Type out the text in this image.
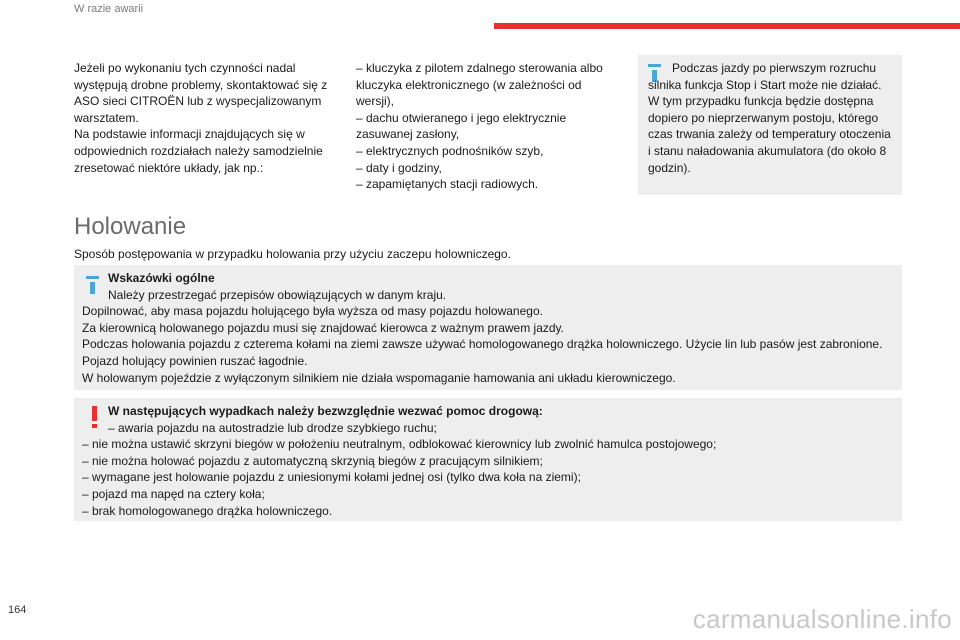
W razie awarii

Jeżeli po wykonaniu tych czynności nadal występują drobne problemy, skontaktować się z ASO sieci CITROËN lub z wyspecjalizowanym warsztatem.

Na podstawie informacji znajdujących się w odpowiednich rozdziałach należy samodzielnie zresetować niektóre układy, jak np.:

– kluczyka z pilotem zdalnego sterowania albo kluczyka elektronicznego (w zależności od wersji),

– dachu otwieranego i jego elektrycznie zasuwanej zasłony,

– elektrycznych podnośników szyb,

– daty i godziny,

– zapamiętanych stacji radiowych.

Podczas jazdy po pierwszym rozruchu silnika funkcja Stop i Start może nie działać.

W tym przypadku funkcja będzie dostępna dopiero po nieprzerwanym postoju, którego czas trwania zależy od temperatury otoczenia i stanu naładowania akumulatora (do około 8 godzin).

Holowanie
Sposób postępowania w przypadku holowania przy użyciu zaczepu holowniczego.

Wskazówki ogólne

Należy przestrzegać przepisów obowiązujących w danym kraju.

Dopilnować, aby masa pojazdu holującego była wyższa od masy pojazdu holowanego.

Za kierownicą holowanego pojazdu musi się znajdować kierowca z ważnym prawem jazdy.

Podczas holowania pojazdu z czterema kołami na ziemi zawsze używać homologowanego drążka holowniczego. Użycie lin lub pasów jest zabronione.

Pojazd holujący powinien ruszać łagodnie.

W holowanym pojeździe z wyłączonym silnikiem nie działa wspomaganie hamowania ani układu kierowniczego.

W następujących wypadkach należy bezwzględnie wezwać pomoc drogową:

– awaria pojazdu na autostradzie lub drodze szybkiego ruchu;

– nie można ustawić skrzyni biegów w położeniu neutralnym, odblokować kierownicy lub zwolnić hamulca postojowego;

– nie można holować pojazdu z automatyczną skrzynią biegów z pracującym silnikiem;

– wymagane jest holowanie pojazdu z uniesionymi kołami jednej osi (tylko dwa koła na ziemi);

– pojazd ma napęd na cztery koła;

– brak homologowanego drążka holowniczego.

164	carmanualsonline.info
